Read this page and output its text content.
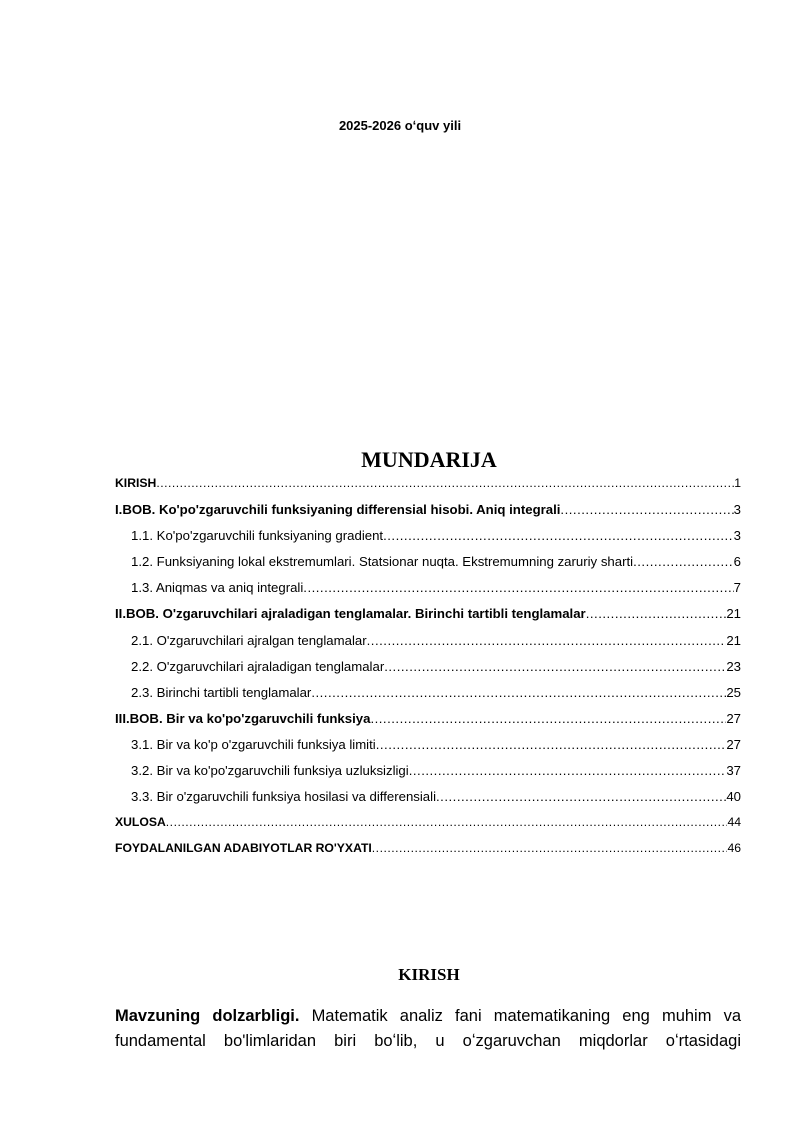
2025-2026 oʻquv yili
MUNDARIJA
KIRISH .....	1
I.BOB. Ko'po'zgaruvchili funksiyaning differensial hisobi. Aniq integrali .....	3
1.1. Ko'po'zgaruvchili funksiyaning gradient .....	3
1.2. Funksiyaning lokal ekstremumlari. Statsionar nuqta. Ekstremumning zaruriy sharti .....	6
1.3. Aniqmas va aniq integrali .....	7
II.BOB. O'zgaruvchilari ajraladigan tenglamalar. Birinchi tartibli tenglamalar .....	21
2.1. O'zgaruvchilari ajralgan tenglamalar .....	21
2.2. O'zgaruvchilari ajraladigan tenglamalar .....	23
2.3. Birinchi tartibli tenglamalar .....	25
III.BOB. Bir va ko'po'zgaruvchili funksiya .....	27
3.1. Bir va ko'p o'zgaruvchili funksiya limiti .....	27
3.2. Bir va ko'po'zgaruvchili funksiya uzluksizligi .....	37
3.3. Bir o'zgaruvchili funksiya hosilasi va differensiali .....	40
XULOSA .....	44
FOYDALANILGAN ADABIYOTLAR RO'YXATI .....	46
KIRISH
Mavzuning dolzarbligi. Matematik analiz fani matematikaning eng muhim va fundamental bo'limlaridan biri boʻlib, u oʻzgaruvchan miqdorlar oʻrtasidagi
